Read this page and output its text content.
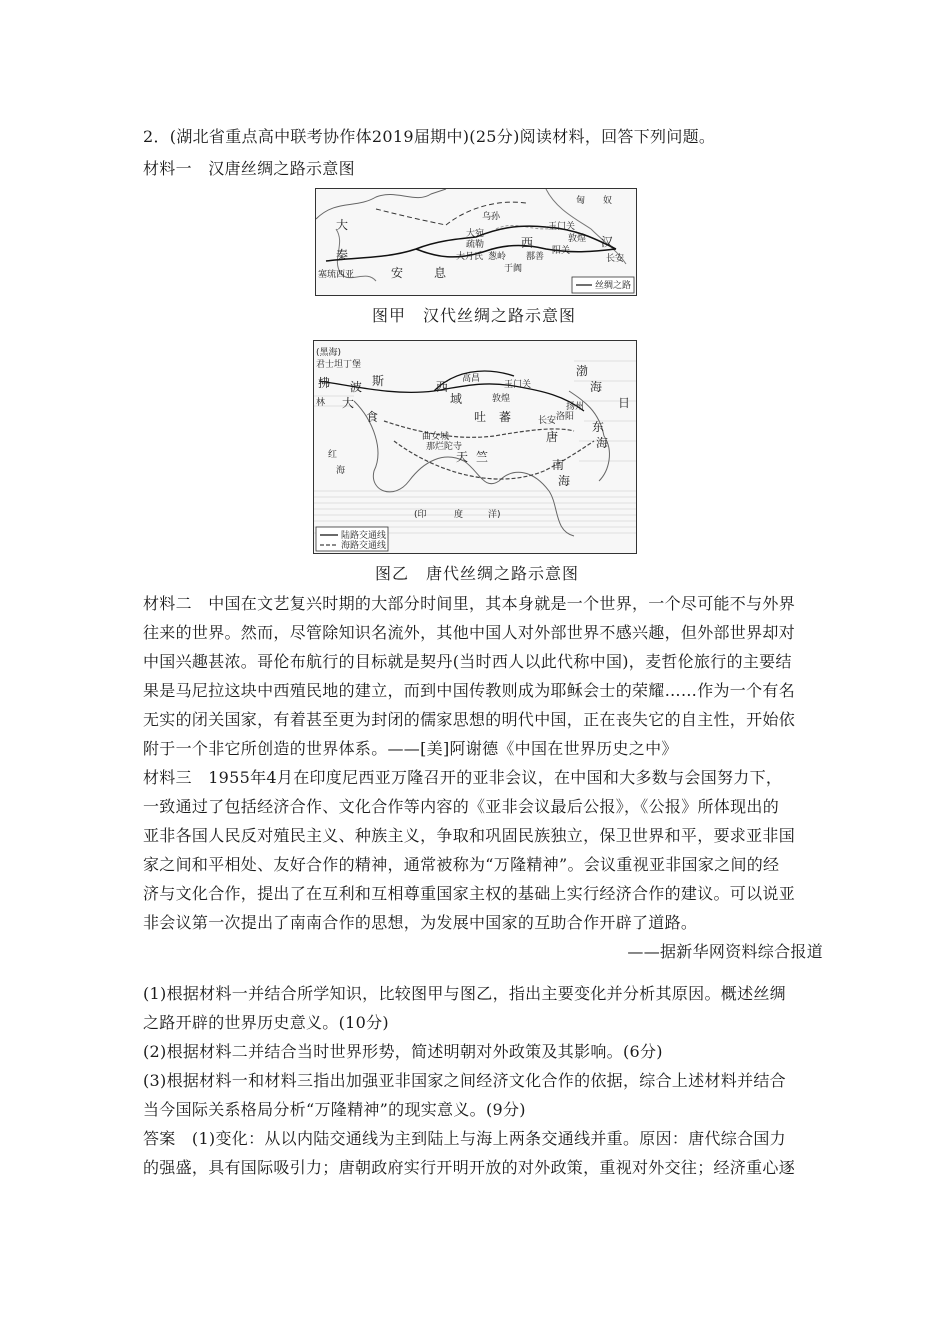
2．(湖北省重点高中联考协作体2019届期中)(25分)阅读材料，回答下列问题。
材料一　汉唐丝绸之路示意图
匈　　奴
乌孙
大宛
疏勒
大月氏 葱岭
于阗
玉门关
阳关
敦煌
西
鄯善
汉
长安
大
秦
安	息
塞琉西亚
丝绸之路
图甲　汉代丝绸之路示意图
(黑海)
君士坦丁堡
拂
林 大
食
波 斯	西
域
高昌
玉门关
敦煌
吐 蕃
曲女城
那烂陀寺
天 竺
长安 洛阳
扬州
唐
渤
海
东
海
日
南
海
红
海
(印	度	洋)
陆路交通线
海路交通线
图乙　唐代丝绸之路示意图
材料二　中国在文艺复兴时期的大部分时间里，其本身就是一个世界，一个尽可能不与外界
往来的世界。然而，尽管除知识名流外，其他中国人对外部世界不感兴趣，但外部世界却对
中国兴趣甚浓。哥伦布航行的目标就是契丹(当时西人以此代称中国)，麦哲伦旅行的主要结
果是马尼拉这块中西殖民地的建立，而到中国传教则成为耶稣会士的荣耀……作为一个有名
无实的闭关国家，有着甚至更为封闭的儒家思想的明代中国，正在丧失它的自主性，开始依
附于一个非它所创造的世界体系。——[美]阿谢德《中国在世界历史之中》
材料三　1955年4月在印度尼西亚万隆召开的亚非会议，在中国和大多数与会国努力下，
一致通过了包括经济合作、文化合作等内容的《亚非会议最后公报》，《公报》所体现出的
亚非各国人民反对殖民主义、种族主义，争取和巩固民族独立，保卫世界和平，要求亚非国
家之间和平相处、友好合作的精神，通常被称为“万隆精神”。会议重视亚非国家之间的经
济与文化合作，提出了在互利和互相尊重国家主权的基础上实行经济合作的建议。可以说亚
非会议第一次提出了南南合作的思想，为发展中国家的互助合作开辟了道路。
——据新华网资料综合报道
(1)根据材料一并结合所学知识，比较图甲与图乙，指出主要变化并分析其原因。概述丝绸
之路开辟的世界历史意义。(10分)
(2)根据材料二并结合当时世界形势，简述明朝对外政策及其影响。(6分)
(3)根据材料一和材料三指出加强亚非国家之间经济文化合作的依据，综合上述材料并结合
当今国际关系格局分析“万隆精神”的现实意义。(9分)
答案　(1)变化：从以内陆交通线为主到陆上与海上两条交通线并重。原因：唐代综合国力
的强盛，具有国际吸引力；唐朝政府实行开明开放的对外政策，重视对外交往；经济重心逐
